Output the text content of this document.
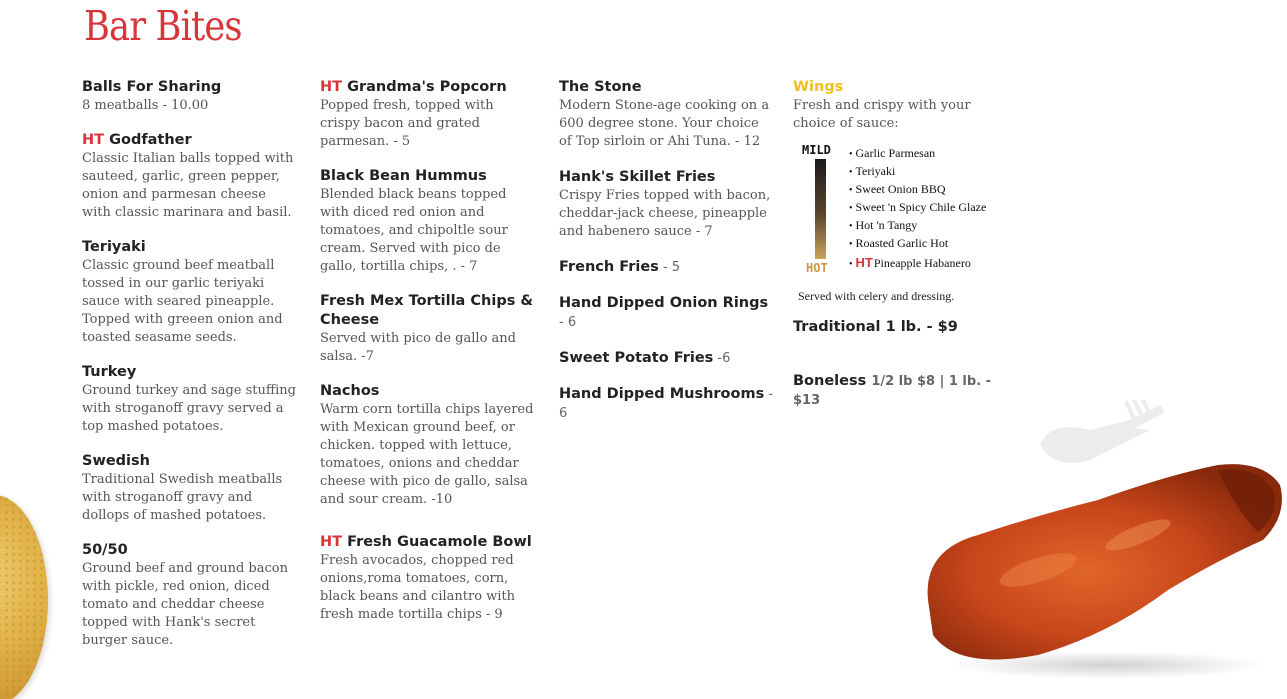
Bar Bites
Balls For Sharing
8 meatballs - 10.00
HT Godfather
Classic Italian balls topped with sauteed, garlic, green pepper, onion and parmesan cheese with classic marinara and basil.
Teriyaki
Classic ground beef meatball tossed in our garlic teriyaki sauce with seared pineapple. Topped with greeen onion and toasted seasame seeds.
Turkey
Ground turkey and sage stuffing with stroganoff gravy served a top mashed potatoes.
Swedish
Traditional Swedish meatballs with stroganoff gravy and dollops of mashed potatoes.
50/50
Ground beef and ground bacon with pickle, red onion, diced tomato and cheddar cheese topped with Hank's secret burger sauce.
HT Grandma's Popcorn
Popped fresh, topped with crispy bacon and grated parmesan. - 5
Black Bean Hummus
Blended black beans topped with diced red onion and tomatoes, and chipoltle sour cream. Served with pico de gallo, tortilla chips, . - 7
Fresh Mex Tortilla Chips & Cheese
Served with pico de gallo and salsa. -7
Nachos
Warm corn tortilla chips layered with Mexican ground beef, or chicken. topped with lettuce, tomatoes, onions and cheddar cheese with pico de gallo, salsa and sour cream. -10
HT Fresh Guacamole Bowl
Fresh avocados, chopped red onions,roma tomatoes, corn, black beans and cilantro with fresh made tortilla chips - 9
The Stone
Modern Stone-age cooking on a 600 degree stone. Your choice of Top sirloin or Ahi Tuna. - 12
Hank's Skillet Fries
Crispy Fries topped with bacon, cheddar-jack cheese, pineapple and habenero sauce - 7
French Fries - 5
Hand Dipped Onion Rings - 6
Sweet Potato Fries -6
Hand Dipped Mushrooms - 6
Wings
Fresh and crispy with your choice of sauce:
MILD
HOT
• Garlic Parmesan
• Teriyaki
• Sweet Onion BBQ
• Sweet 'n Spicy Chile Glaze
• Hot 'n Tangy
• Roasted Garlic Hot
• HTPineapple Habanero
Served with celery and dressing.
Traditional 1 lb. - $9
Boneless 1/2 lb $8 | 1 lb. - $13
